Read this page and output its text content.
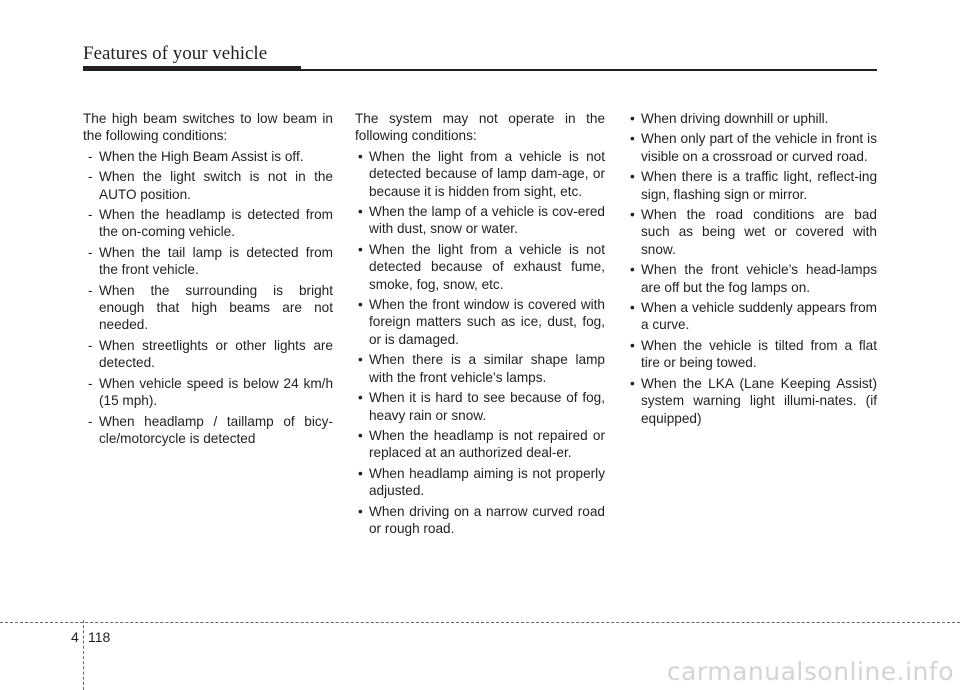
Features of your vehicle

The high beam switches to low beam in the following conditions:

- When the High Beam Assist is off.
- When the light switch is not in the AUTO position.
- When the headlamp is detected from the on-coming vehicle.
- When the tail lamp is detected from the front vehicle.
- When the surrounding is bright enough that high beams are not needed.
- When streetlights or other lights are detected.
- When vehicle speed is below 24 km/h (15 mph).
- When headlamp / taillamp of bicy-cle/motorcycle is detected

The system may not operate in the following conditions:

• When the light from a vehicle is not detected because of lamp dam-age, or because it is hidden from sight, etc.
• When the lamp of a vehicle is cov-ered with dust, snow or water.
• When the light from a vehicle is not detected because of exhaust fume, smoke, fog, snow, etc.
• When the front window is covered with foreign matters such as ice, dust, fog, or is damaged.
• When there is a similar shape lamp with the front vehicle’s lamps.
• When it is hard to see because of fog, heavy rain or snow.
• When the headlamp is not repaired or replaced at an authorized deal-er.
• When headlamp aiming is not properly adjusted.
• When driving on a narrow curved road or rough road.
• When driving downhill or uphill.
• When only part of the vehicle in front is visible on a crossroad or curved road.
• When there is a traffic light, reflect-ing sign, flashing sign or mirror.
• When the road conditions are bad such as being wet or covered with snow.
• When the front vehicle’s head-lamps are off but the fog lamps on.
• When a vehicle suddenly appears from a curve.
• When the vehicle is tilted from a flat tire or being towed.
• When the LKA (Lane Keeping Assist) system warning light illumi-nates. (if equipped)
4 118
carmanualsonline.info
